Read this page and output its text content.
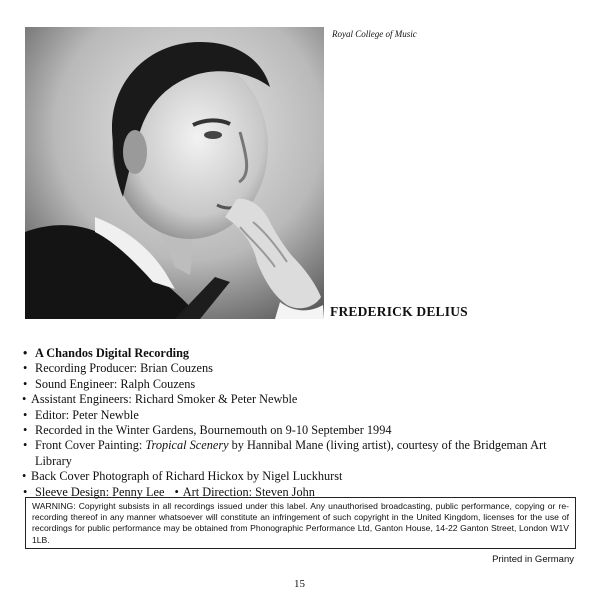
Royal College of Music
FREDERICK DELIUS
• A Chandos Digital Recording
• Recording Producer: Brian Couzens
• Sound Engineer: Ralph Couzens
• Assistant Engineers: Richard Smoker & Peter Newble
• Editor: Peter Newble
• Recorded in the Winter Gardens, Bournemouth on 9-10 September 1994
• Front Cover Painting: Tropical Scenery by Hannibal Mane (living artist), courtesy of the Bridgeman Art Library
• Back Cover Photograph of Richard Hickox by Nigel Luckhurst
• Sleeve Design: Penny Lee• Art Direction: Steven John
WARNING: Copyright subsists in all recordings issued under this label. Any unauthorised broadcasting, public performance, copying or re-recording thereof in any manner whatsoever will constitute an infringement of such copyright in the United Kingdom, licenses for the use of recordings for public performance may be obtained from Phonographic Performance Ltd, Ganton House, 14-22 Ganton Street, London W1V 1LB.
Printed in Germany
15
